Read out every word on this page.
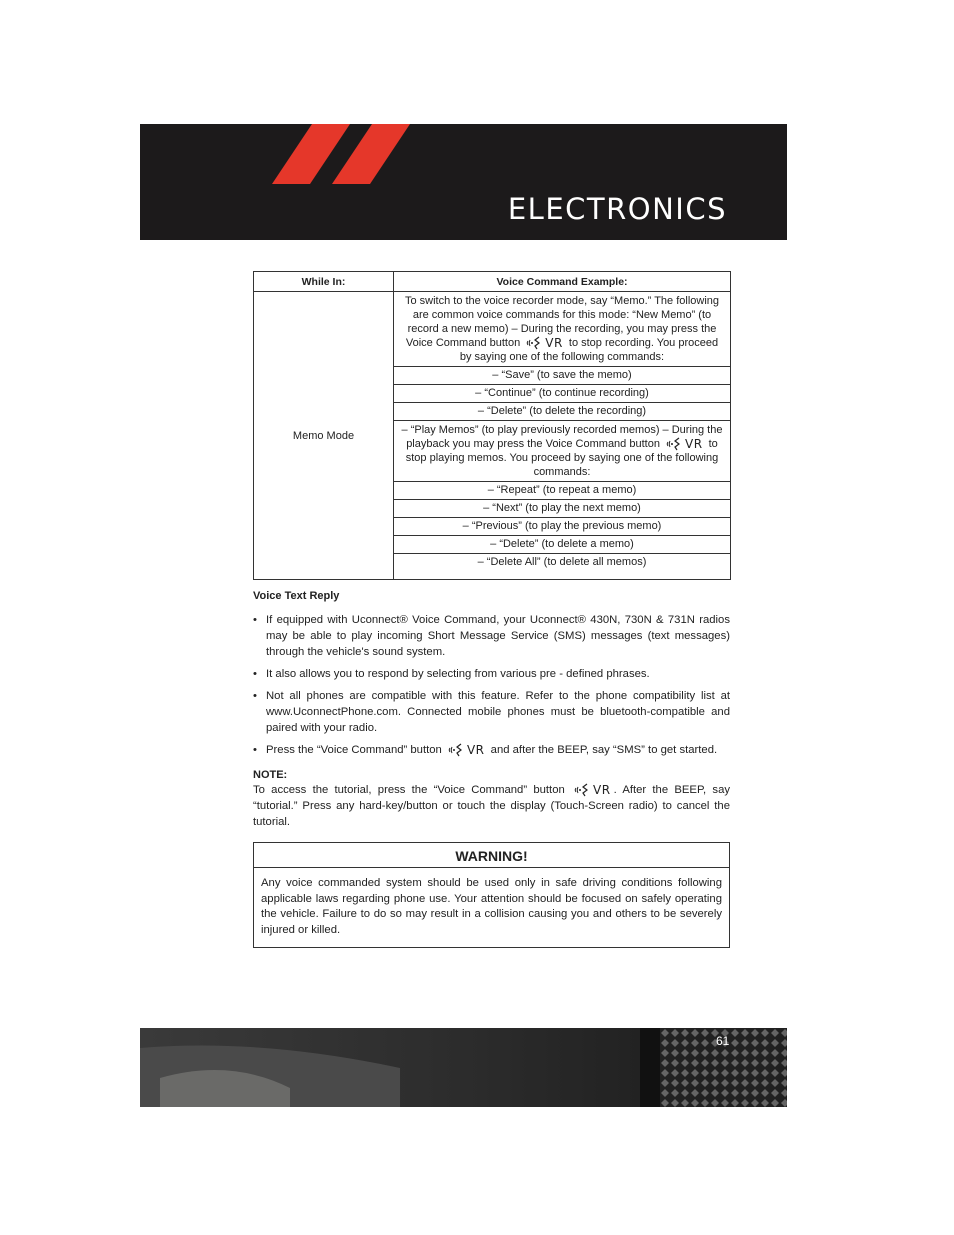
ELECTRONICS
While In:	Voice Command Example:
Memo Mode	To switch to the voice recorder mode, say “Memo.” The following are common voice commands for this mode: “New Memo” (to record a new memo) – During the recording, you may press the Voice Command button VR to stop recording. You proceed by saying one of the following commands:
	– “Save” (to save the memo)
	– “Continue” (to continue recording)
	– “Delete” (to delete the recording)
	– “Play Memos” (to play previously recorded memos) – During the playback you may press the Voice Command button VR to stop playing memos. You proceed by saying one of the following commands:
	– “Repeat” (to repeat a memo)
	– “Next” (to play the next memo)
	– “Previous” (to play the previous memo)
	– “Delete” (to delete a memo)
	– “Delete All” (to delete all memos)
Voice Text Reply
• If equipped with Uconnect® Voice Command, your Uconnect® 430N, 730N & 731N radios may be able to play incoming Short Message Service (SMS) messages (text messages) through the vehicle's sound system.
• It also allows you to respond by selecting from various pre - defined phrases.
• Not all phones are compatible with this feature. Refer to the phone compatibility list at www.UconnectPhone.com. Connected mobile phones must be bluetooth-compatible and paired with your radio.
• Press the “Voice Command” button VR and after the BEEP, say “SMS” to get started.
NOTE:
To access the tutorial, press the “Voice Command” button VR . After the BEEP, say “tutorial.” Press any hard-key/button or touch the display (Touch-Screen radio) to cancel the tutorial.
WARNING!
Any voice commanded system should be used only in safe driving conditions following applicable laws regarding phone use. Your attention should be focused on safely operating the vehicle. Failure to do so may result in a collision causing you and others to be severely injured or killed.
61
